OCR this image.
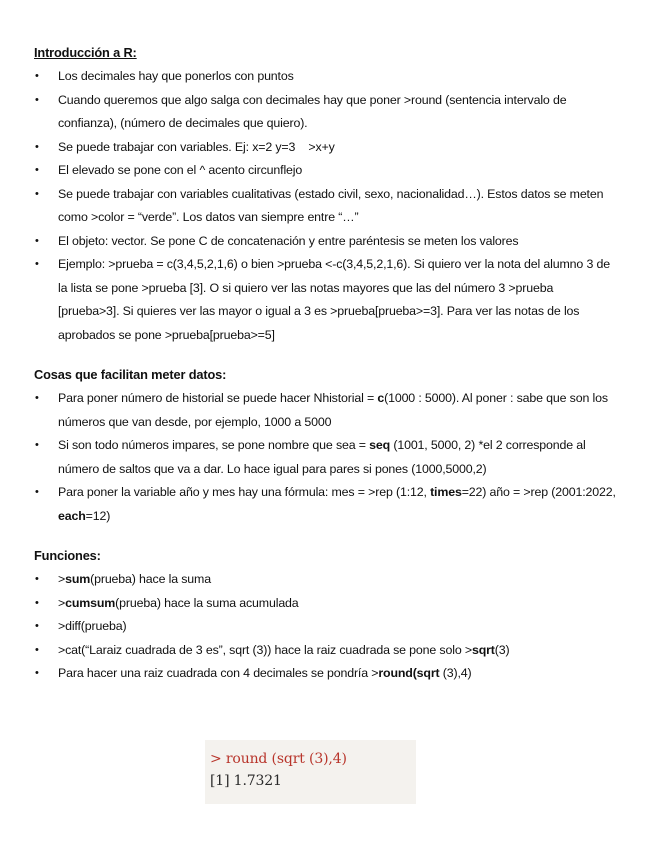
Introducción a R:
• Los decimales hay que ponerlos con puntos
• Cuando queremos que algo salga con decimales hay que poner >round (sentencia intervalo de confianza), (número de decimales que quiero).
• Se puede trabajar con variables. Ej: x=2 y=3    >x+y
• El elevado se pone con el ^ acento circunflejo
• Se puede trabajar con variables cualitativas (estado civil, sexo, nacionalidad…). Estos datos se meten como >color = “verde”. Los datos van siempre entre “…”
• El objeto: vector. Se pone C de concatenación y entre paréntesis se meten los valores
• Ejemplo: >prueba = c(3,4,5,2,1,6) o bien >prueba <-c(3,4,5,2,1,6). Si quiero ver la nota del alumno 3 de la lista se pone >prueba [3]. O si quiero ver las notas mayores que las del número 3 >prueba [prueba>3]. Si quieres ver las mayor o igual a 3 es >prueba[prueba>=3]. Para ver las notas de los aprobados se pone >prueba[prueba>=5]
Cosas que facilitan meter datos:
• Para poner número de historial se puede hacer Nhistorial = c(1000 : 5000). Al poner : sabe que son los números que van desde, por ejemplo, 1000 a 5000
• Si son todo números impares, se pone nombre que sea = seq (1001, 5000, 2) *el 2 corresponde al número de saltos que va a dar. Lo hace igual para pares si pones (1000,5000,2)
• Para poner la variable año y mes hay una fórmula: mes = >rep (1:12, times=22) año = >rep (2001:2022, each=12)
Funciones:
• >sum(prueba) hace la suma
• >cumsum(prueba) hace la suma acumulada
• >diff(prueba)
• >cat(“Laraiz cuadrada de 3 es”, sqrt (3)) hace la raiz cuadrada se pone solo >sqrt(3)
• Para hacer una raiz cuadrada con 4 decimales se pondría >round(sqrt (3),4)
> round (sqrt (3),4)
[1] 1.7321
